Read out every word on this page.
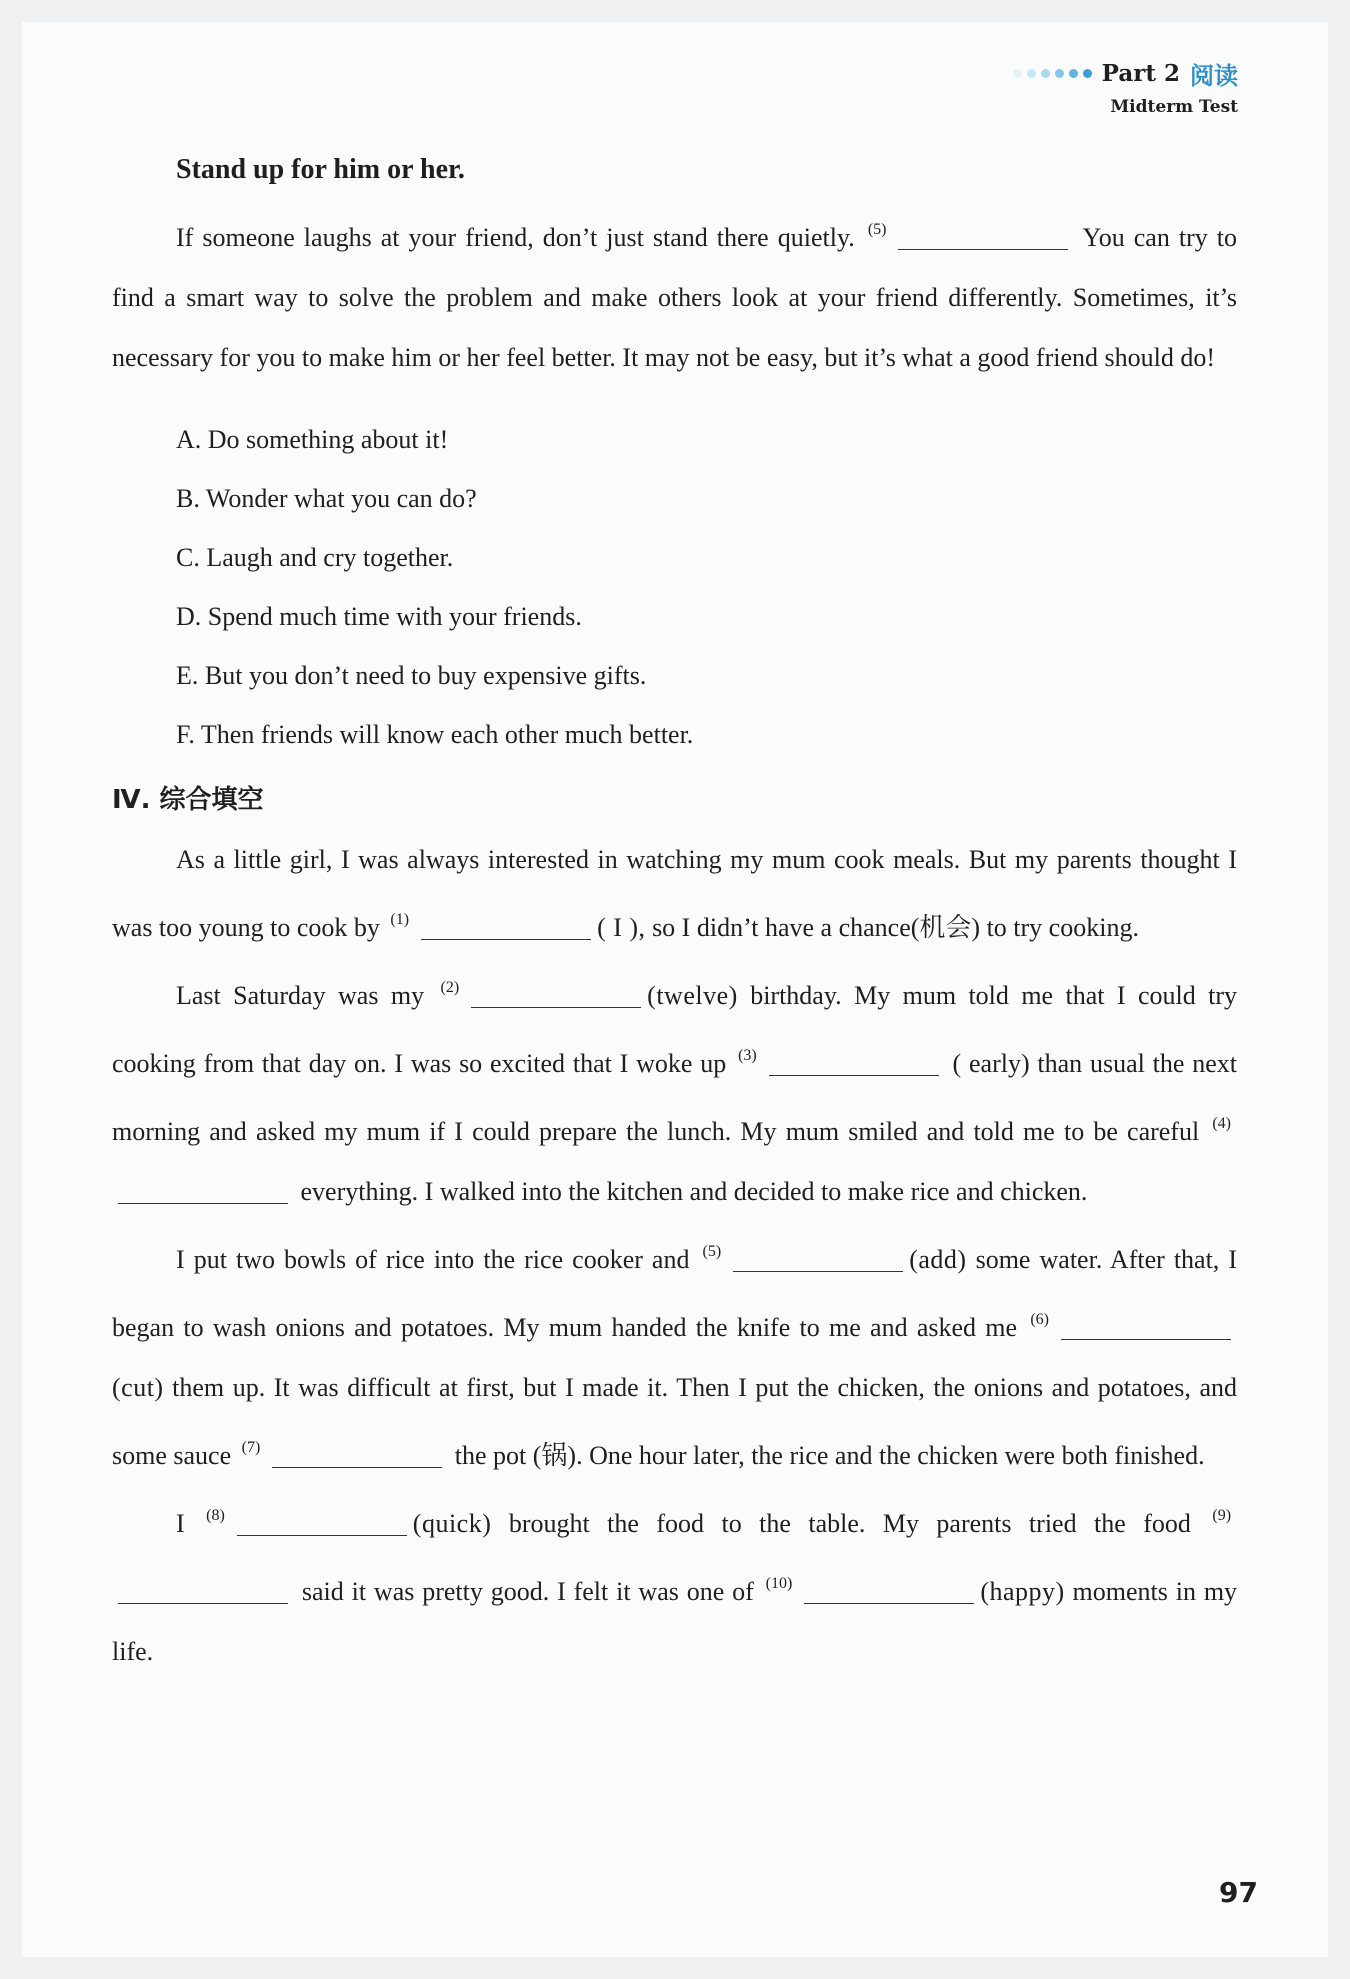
Part 2 阅读
Midterm Test

Stand up for him or her.

If someone laughs at your friend, don’t just stand there quietly. $^{(5)}$	You can try to find a smart way to solve the problem and make others look at your friend differently. Sometimes, it’s necessary for you to make him or her feel better. It may not be easy, but it’s what a good friend should do!

A. Do something about it!
B. Wonder what you can do?
C. Laugh and cry together.
D. Spend much time with your friends.
E. But you don’t need to buy expensive gifts.
F. Then friends will know each other much better.

Ⅳ. 综合填空

As a little girl, I was always interested in watching my mum cook meals. But my parents thought I was too young to cook by $^{(1)}$	( I ), so I didn’t have a chance(机会) to try cooking.

Last Saturday was my $^{(2)}$	(twelve) birthday. My mum told me that I could try cooking from that day on. I was so excited that I woke up $^{(3)}$	( early) than usual the next morning and asked my mum if I could prepare the lunch. My mum smiled and told me to be careful $^{(4)}$ everything. I walked into the kitchen and decided to make rice and chicken.

I put two bowls of rice into the rice cooker and $^{(5)}$	(add) some water. After that, I began to wash onions and potatoes. My mum handed the knife to me and asked me $^{(6)}$(cut) them up. It was difficult at first, but I made it. Then I put the chicken, the onions and potatoes, and some sauce $^{(7)}$	the pot (锅). One hour later, the rice and the chicken were both finished.

I $^{(8)}$	(quick) brought the food to the table. My parents tried the food $^{(9)}$ said it was pretty good. I felt it was one of $^{(10)}$	(happy) moments in my life.

97
